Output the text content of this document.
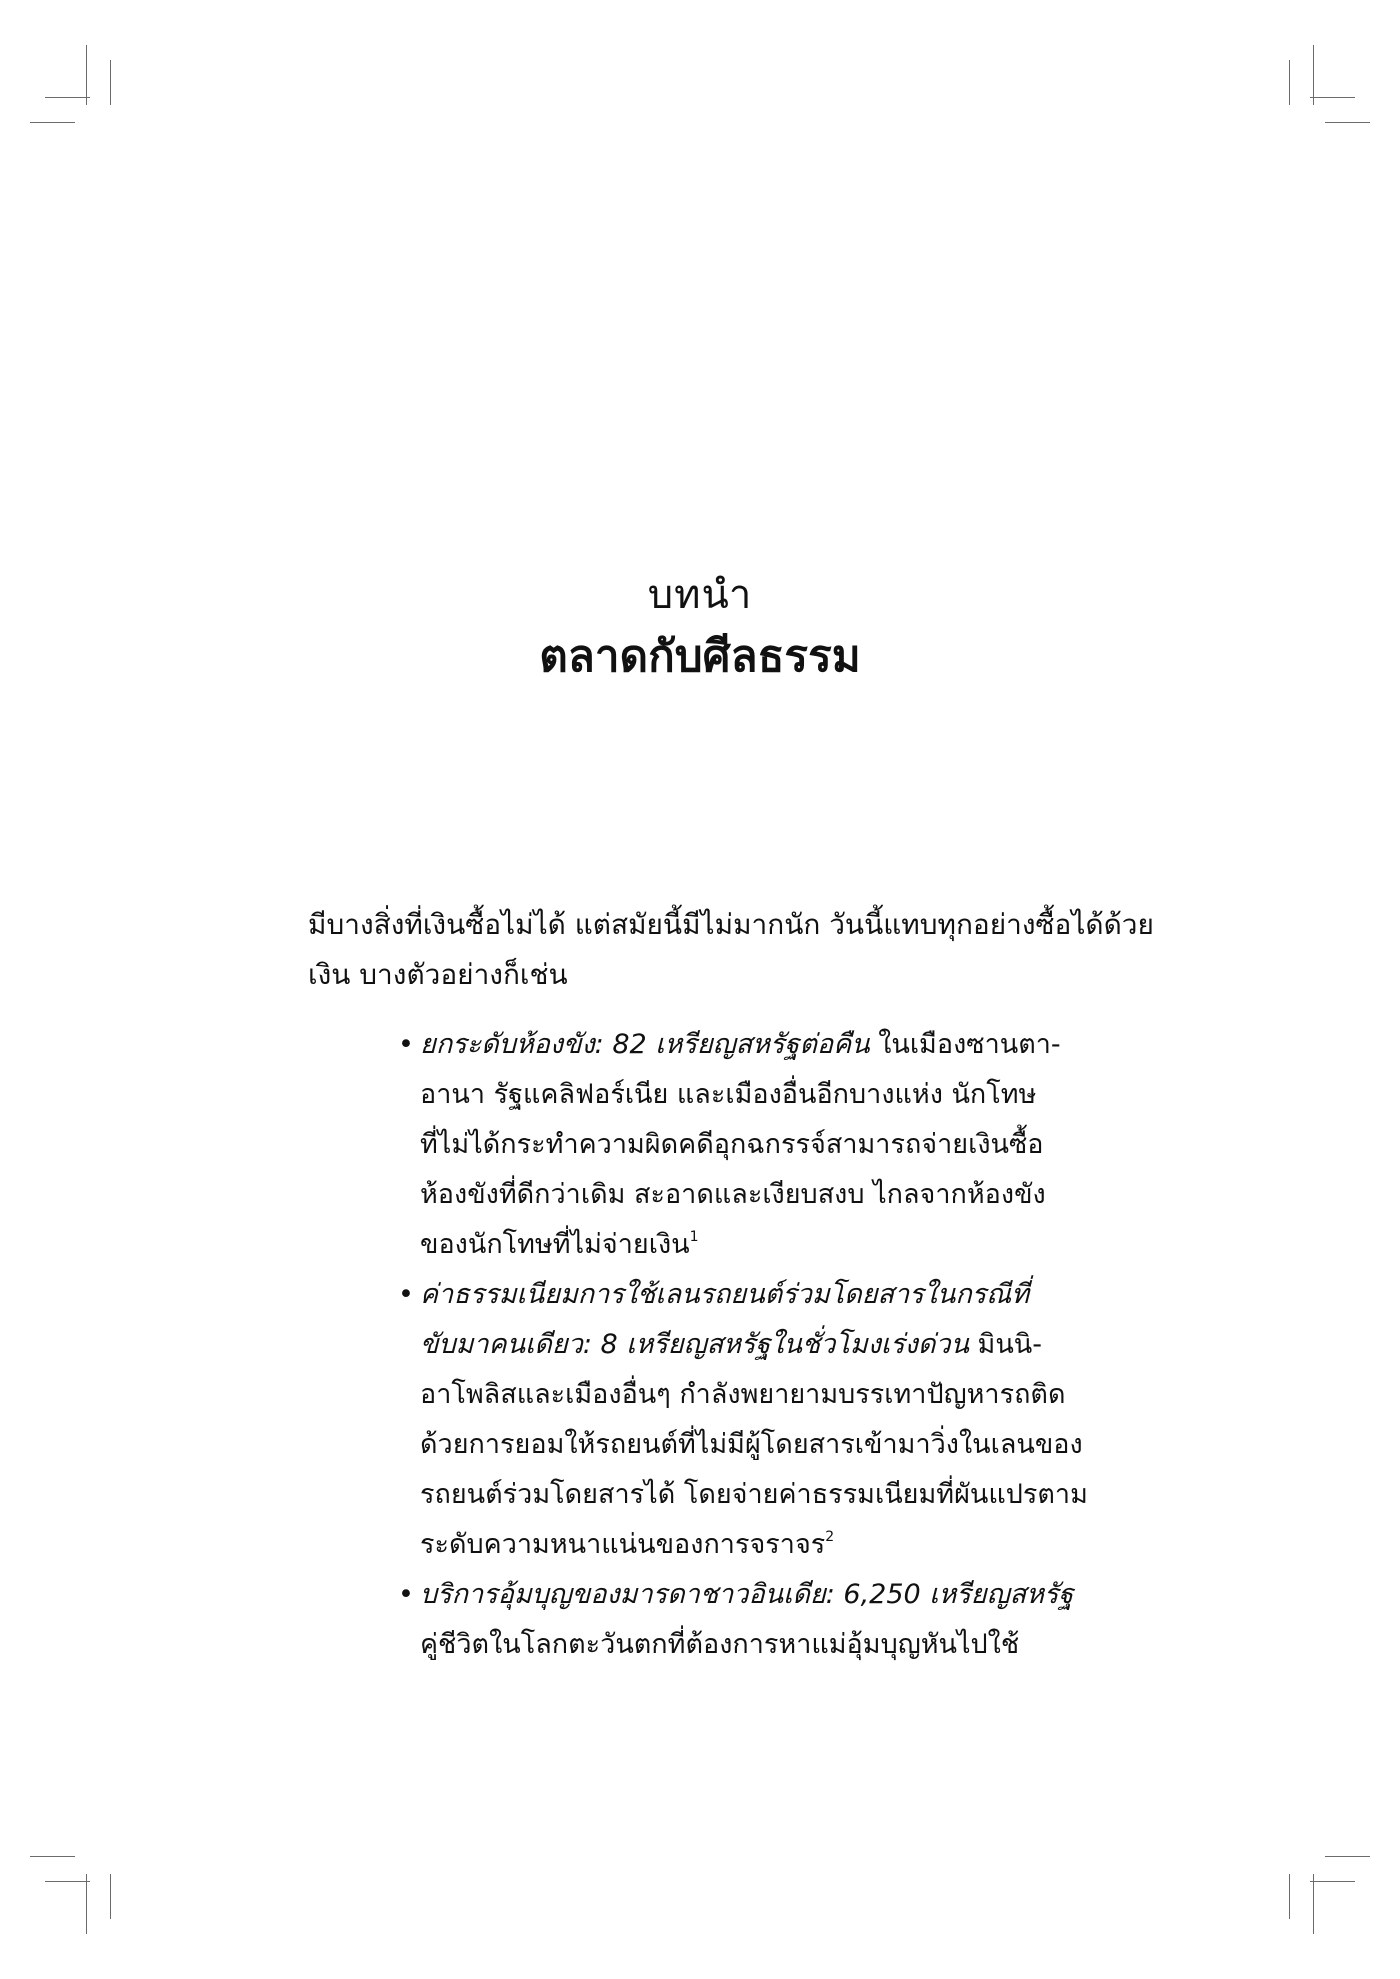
บทนำ
ตลาดกับศีลธรรม
มีบางสิ่งที่เงินซื้อไม่ได้ แต่สมัยนี้มีไม่มากนัก วันนี้แทบทุกอย่างซื้อได้ด้วย
เงิน บางตัวอย่างก็เช่น
• ยกระดับห้องขัง: 82 เหรียญสหรัฐต่อคืน ในเมืองซานตา-
อานา รัฐแคลิฟอร์เนีย และเมืองอื่นอีกบางแห่ง นักโทษ
ที่ไม่ได้กระทำความผิดคดีอุกฉกรรจ์สามารถจ่ายเงินซื้อ
ห้องขังที่ดีกว่าเดิม สะอาดและเงียบสงบ ไกลจากห้องขัง
ของนักโทษที่ไม่จ่ายเงิน$^1$
• ค่าธรรมเนียมการใช้เลนรถยนต์ร่วมโดยสารในกรณีที่
ขับมาคนเดียว: 8 เหรียญสหรัฐในชั่วโมงเร่งด่วน มินนิ-
อาโพลิสและเมืองอื่นๆ กำลังพยายามบรรเทาปัญหารถติด
ด้วยการยอมให้รถยนต์ที่ไม่มีผู้โดยสารเข้ามาวิ่งในเลนของ
รถยนต์ร่วมโดยสารได้ โดยจ่ายค่าธรรมเนียมที่ผันแปรตาม
ระดับความหนาแน่นของการจราจร$^2$
• บริการอุ้มบุญของมารดาชาวอินเดีย: 6,250 เหรียญสหรัฐ
คู่ชีวิตในโลกตะวันตกที่ต้องการหาแม่อุ้มบุญหันไปใช้
